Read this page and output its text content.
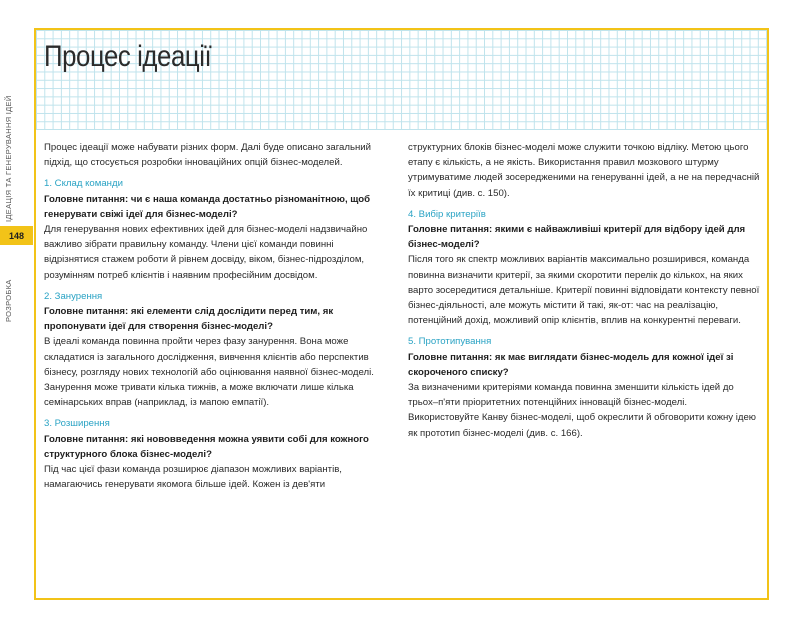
Процес ідеації
ІДЕАЦІЯ ТА ГЕНЕРУВАННЯ ІДЕЙ
148
РОЗРОБКА

Процес ідеації може набувати різних форм. Далі буде описано загальний підхід, що стосується розробки інноваційних опцій бізнес-моделей.

1. Склад команди

Головне питання: чи є наша команда достатньо різноманітною, щоб генерувати свіжі ідеї для бізнес-моделі?

Для генерування нових ефективних ідей для бізнес-моделі надзвичайно важливо зібрати правильну команду. Члени цієї команди повинні відрізнятися стажем роботи й рівнем досвіду, віком, бізнес-підрозділом, розумінням потреб клієнтів і наявним професійним досвідом.

2. Занурення

Головне питання: які елементи слід дослідити перед тим, як пропонувати ідеї для створення бізнес-моделі?

В ідеалі команда повинна пройти через фазу занурення. Вона може складатися із загального дослідження, вивчення клієнтів або перспектив бізнесу, розгляду нових технологій або оцінювання наявної бізнес-моделі. Занурення може тривати кілька тижнів, а може включати лише кілька семінарських вправ (наприклад, із мапою емпатії).

3. Розширення

Головне питання: які нововведення можна уявити собі для кожного структурного блока бізнес-моделі?

Під час цієї фази команда розширює діапазон можливих варіантів, намагаючись генерувати якомога більше ідей. Кожен із дев'яти

структурних блоків бізнес-моделі може служити точкою відліку. Метою цього етапу є кількість, а не якість. Використання правил мозкового штурму утримуватиме людей зосередженими на генеруванні ідей, а не на передчасній їх критиці (див. с. 150).

4. Вибір критеріїв

Головне питання: якими є найважливіші критерії для відбору ідей для бізнес-моделі?

Після того як спектр можливих варіантів максимально розширився, команда повинна визначити критерії, за якими скоротити перелік до кількох, на яких варто зосередитися детальніше. Критерії повинні відповідати контексту певної бізнес-діяльності, але можуть містити й такі, як-от: час на реалізацію, потенційний дохід, можливий опір клієнтів, вплив на конкурентні переваги.

5. Прототипування

Головне питання: як має виглядати бізнес-модель для кожної ідеї зі скороченого списку?

За визначеними критеріями команда повинна зменшити кількість ідей до трьох–п'яти пріоритетних потенційних інновацій бізнес-моделі. Використовуйте Канву бізнес-моделі, щоб окреслити й обговорити кожну ідею як прототип бізнес-моделі (див. с. 166).
